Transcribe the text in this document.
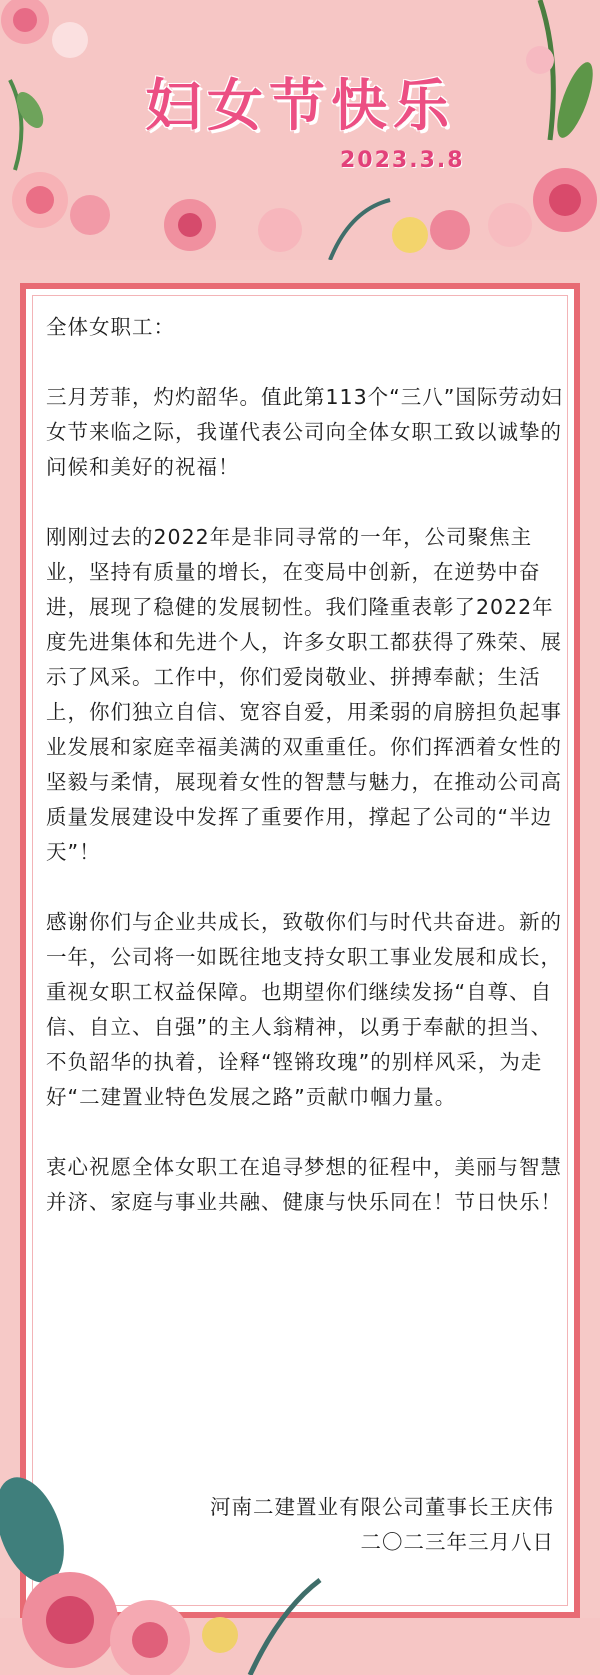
妇女节快乐
2023.3.8

全体女职工：

三月芳菲，灼灼韶华。值此第113个“三八”国际劳动妇女节来临之际，我谨代表公司向全体女职工致以诚挚的问候和美好的祝福！

刚刚过去的2022年是非同寻常的一年，公司聚焦主业，坚持有质量的增长，在变局中创新，在逆势中奋进，展现了稳健的发展韧性。我们隆重表彰了2022年度先进集体和先进个人，许多女职工都获得了殊荣、展示了风采。工作中，你们爱岗敬业、拼搏奉献；生活上，你们独立自信、宽容自爱，用柔弱的肩膀担负起事业发展和家庭幸福美满的双重重任。你们挥洒着女性的坚毅与柔情，展现着女性的智慧与魅力，在推动公司高质量发展建设中发挥了重要作用，撑起了公司的“半边天”！

感谢你们与企业共成长，致敬你们与时代共奋进。新的一年，公司将一如既往地支持女职工事业发展和成长，重视女职工权益保障。也期望你们继续发扬“自尊、自信、自立、自强”的主人翁精神，以勇于奉献的担当、不负韶华的执着，诠释“铿锵玫瑰”的别样风采，为走好“二建置业特色发展之路”贡献巾帼力量。

衷心祝愿全体女职工在追寻梦想的征程中，美丽与智慧并济、家庭与事业共融、健康与快乐同在！节日快乐！

河南二建置业有限公司董事长王庆伟
二〇二三年三月八日
